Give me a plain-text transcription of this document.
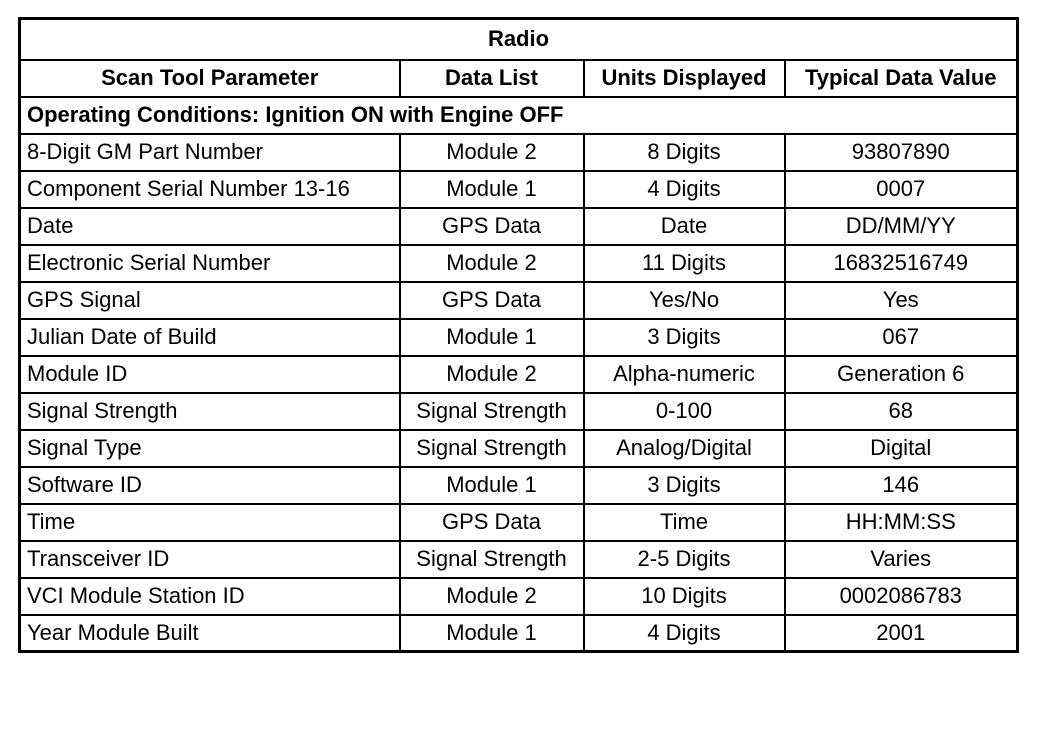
Radio			
Scan Tool Parameter	Data List	Units Displayed	Typical Data Value
Operating Conditions: Ignition ON with Engine OFF			
8-Digit GM Part Number	Module 2	8 Digits	93807890
Component Serial Number 13-16	Module 1	4 Digits	0007
Date	GPS Data	Date	DD/MM/YY
Electronic Serial Number	Module 2	11 Digits	16832516749
GPS Signal	GPS Data	Yes/No	Yes
Julian Date of Build	Module 1	3 Digits	067
Module ID	Module 2	Alpha-numeric	Generation 6
Signal Strength	Signal Strength	0-100	68
Signal Type	Signal Strength	Analog/Digital	Digital
Software ID	Module 1	3 Digits	146
Time	GPS Data	Time	HH:MM:SS
Transceiver ID	Signal Strength	2-5 Digits	Varies
VCI Module Station ID	Module 2	10 Digits	0002086783
Year Module Built	Module 1	4 Digits	2001
